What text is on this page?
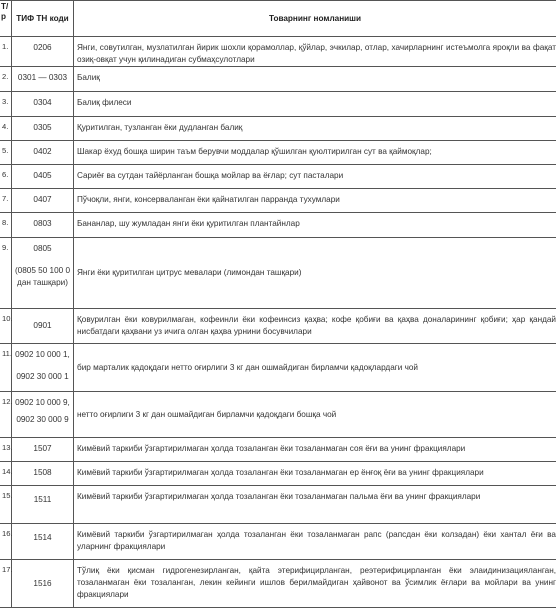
Т/р	ТИФ ТН коди	Товарнинг номланиши
1.	0206	Янги, совутилган, музлатилган йирик шохли қорамоллар, қўйлар, эчкилар, отлар, хачирларнинг истеъмолга яроқли ва фақат озиқ-овқат учун қилинадиган субмаҳсулотлари
2.	0301 — 0303	Балиқ
3.	0304	Балиқ филеси
4.	0305	Қуритилган, тузланган ёки дудланган балиқ
5.	0402	Шакар ёхуд бошқа ширин таъм берувчи моддалар қўшилган қуюлтирилган сут ва қаймоқлар;
6.	0405	Сариёғ ва сутдан тайёрланган бошқа мойлар ва ёғлар; сут пасталари
7.	0407	Пўчоқли, янги, консерваланган ёки қайнатилган парранда тухумлари
8.	0803	Бананлар, шу жумладан янги ёки қуритилган плантайнлар
9.	0805
(0805 50 100 0 дан ташқари)	Янги ёки қуритилган цитрус мевалари (лимондан ташқари)
10.	0901	Қовурилган ёки ковурилмаган, кофеинли ёки кофеинсиз қаҳва; кофе қобиғи ва қаҳва доналарининг қобиғи; ҳар қандай нисбатдаги қаҳвани уз ичига олган қаҳва урнини босувчилари
11.	0902 10 000 1,
0902 30 000 1	бир марталик қадоқдаги нетто оғирлиги 3 кг дан ошмайдиган бирламчи қадоқлардаги чой
12.	0902 10 000 9,
0902 30 000 9	нетто оғирлиги 3 кг дан ошмайдиган бирламчи қадоқдаги бошқа чой
13.	1507	Кимёвий таркиби ўзгартирилмаган ҳолда тозаланган ёки тозаланмаган соя ёғи ва унинг фракциялари
14.	1508	Кимёвий таркиби ўзгартирилмаган ҳолда тозаланган ёки тозаланмаган ер ёнғоқ ёғи ва унинг фракциялари
15.	1511	Кимёвий таркиби ўзгартирилмаган ҳолда тозаланган ёки тозаланмаган пальма ёғи ва унинг фракциялари
16.	1514	Кимёвий таркиби ўзгартирилмаган ҳолда тозаланган ёки тозаланмаган рапс (рапсдан ёки колзадан) ёки хантал ёғи ва уларнинг фракциялари
17.	1516	Тўлиқ ёки қисман гидрогенезирланган, қайта этерифицирланган, реэтерифицирланган ёки элаидинизацияланган, тозаланмаган ёки тозаланган, лекин кейинги ишлов берилмайдиган ҳайвонот ва ўсимлик ёғлари ва мойлари ва унинг фракциялари
